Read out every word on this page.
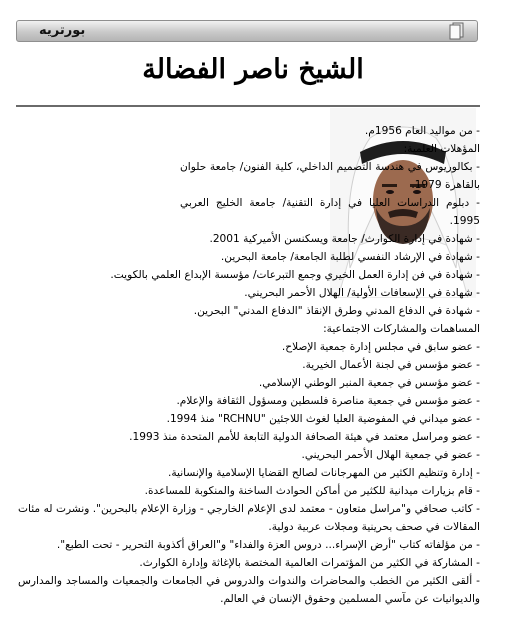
بورتريه
الشيخ ناصر الفضالة
- من مواليد العام 1956م.
المؤهلات العلمية:
- بكالوريوس في هندسة التصميم الداخلي، كلية الفنون/ جامعة حلوان بالقاهرة 1979.
- دبلوم الدراسات العليا في إدارة التقنية/ جامعة الخليج العربي 1995.
- شهادة في إدارة الكوارث/ جامعة ويسكنسن الأميركية 2001.
- شهادة في الإرشاد النفسي لطلبة الجامعة/ جامعة البحرين.
- شهادة في فن إدارة العمل الخيري وجمع التبرعات/ مؤسسة الإبداع العلمي بالكويت.
- شهادة في الإسعافات الأولية/ الهلال الأحمر البحريني.
- شهادة في الدفاع المدني وطرق الإنقاذ "الدفاع المدني" البحرين.
المساهمات والمشاركات الاجتماعية:
- عضو سابق في مجلس إدارة جمعية الإصلاح.
- عضو مؤسس في لجنة الأعمال الخيرية.
- عضو مؤسس في جمعية المنبر الوطني الإسلامي.
- عضو مؤسس في جمعية مناصرة فلسطين ومسؤول الثقافة والإعلام.
- عضو ميداني في المفوضية العليا لغوث اللاجئين "RCHNU" منذ 1994.
- عضو ومراسل معتمد في هيئة الصحافة الدولية التابعة للأمم المتحدة منذ 1993.
- عضو في جمعية الهلال الأحمر البحريني.
- إدارة وتنظيم الكثير من المهرجانات لصالح القضايا الإسلامية والإنسانية.
- قام بزيارات ميدانية للكثير من أماكن الحوادث الساخنة والمنكوبة للمساعدة.
- كاتب صحافي و"مراسل متعاون - معتمد لدى الإعلام الخارجي - وزارة الإعلام بالبحرين". ونشرت له مئات المقالات في صحف بحرينية ومجلات عربية دولية.
- من مؤلفاته كتاب "أرض الإسراء... دروس العزة والفداء" و"العراق أكذوبة التحرير - تحت الطبع".
- المشاركة في الكثير من المؤتمرات العالمية المختصة بالإغاثة وإدارة الكوارث.
- ألقى الكثير من الخطب والمحاضرات والندوات والدروس في الجامعات والجمعيات والمساجد والمدارس والديوانيات عن مآسي المسلمين وحقوق الإنسان في العالم.
